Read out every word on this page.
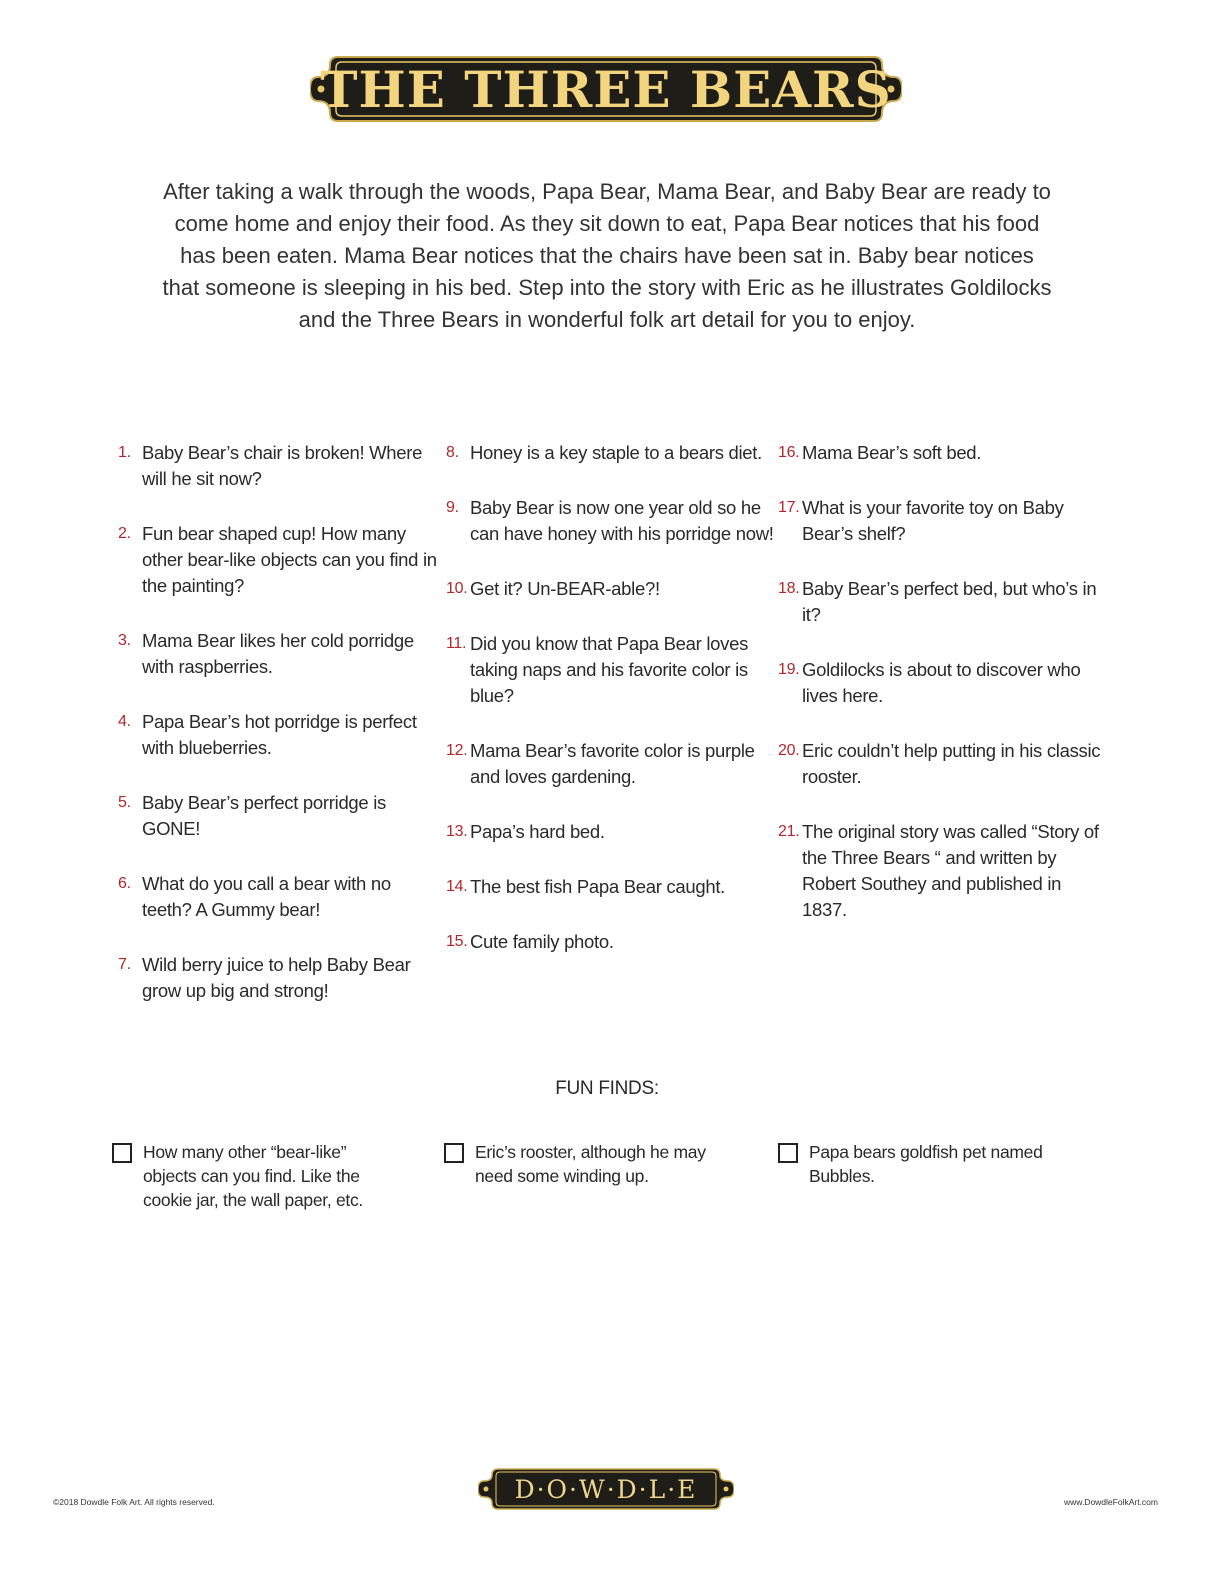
THE THREE BEARS
After taking a walk through the woods, Papa Bear, Mama Bear, and Baby Bear are ready to come home and enjoy their food. As they sit down to eat, Papa Bear notices that his food has been eaten. Mama Bear notices that the chairs have been sat in. Baby bear notices that someone is sleeping in his bed. Step into the story with Eric as he illustrates Goldilocks and the Three Bears in wonderful folk art detail for you to enjoy.
1. Baby Bear’s chair is broken! Where will he sit now?
2. Fun bear shaped cup! How many other bear-like objects can you find in the painting?
3. Mama Bear likes her cold porridge with raspberries.
4. Papa Bear’s hot porridge is perfect with blueberries.
5. Baby Bear’s perfect porridge is GONE!
6. What do you call a bear with no teeth? A Gummy bear!
7. Wild berry juice to help Baby Bear grow up big and strong!
8. Honey is a key staple to a bears diet.
9. Baby Bear is now one year old so he can have honey with his porridge now!
10. Get it? Un-BEAR-able?!
11. Did you know that Papa Bear loves taking naps and his favorite color is blue?
12. Mama Bear’s favorite color is purple and loves gardening.
13. Papa’s hard bed.
14. The best fish Papa Bear caught.
15. Cute family photo.
16. Mama Bear’s soft bed.
17. What is your favorite toy on Baby Bear’s shelf?
18. Baby Bear’s perfect bed, but who’s in it?
19. Goldilocks is about to discover who lives here.
20. Eric couldn’t help putting in his classic rooster.
21. The original story was called “Story of the Three Bears “ and written by Robert Southey and published in 1837.
FUN FINDS:
How many other “bear-like” objects can you find. Like the cookie jar, the wall paper, etc.
Eric’s rooster, although he may need some winding up.
Papa bears goldfish pet named Bubbles.
©2018 Dowdle Folk Art. All rights reserved.	D·O·W·D·L·E	www.DowdleFolkArt.com
